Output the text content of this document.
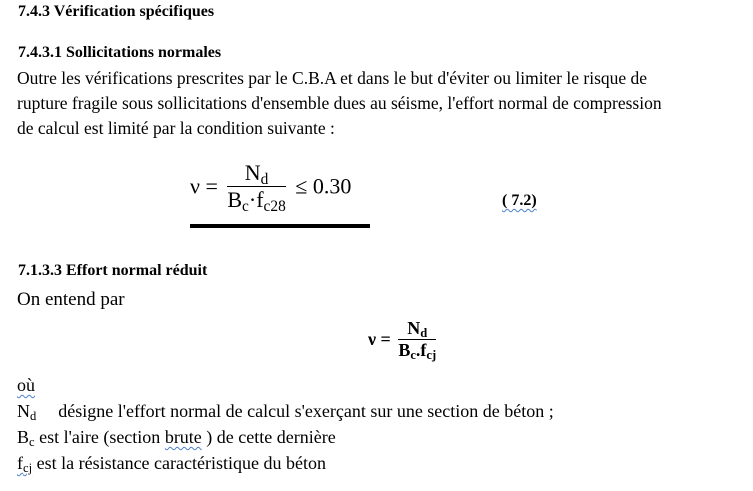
7.4.3 Vérification spécifiques
7.4.3.1 Sollicitations normales
Outre les vérifications prescrites par le C.B.A et dans le but d'éviter ou limiter le risque de
rupture fragile sous sollicitations d'ensemble dues au séisme, l'effort normal de compression
de calcul est limité par la condition suivante :
$\nu = \frac{N_d}{B_c\cdot f_{c28}} \le 0.30$
( 7.2)
7.1.3.3 Effort normal réduit
On entend par
$\nu = \frac{N_d}{B_c.f_{cj}}$
où
$N_d$ désigne l'effort normal de calcul s'exerçant sur une section de béton ;
$B_c$ est l'aire (section brute ) de cette dernière
$f_{cj}$ est la résistance caractéristique du béton
